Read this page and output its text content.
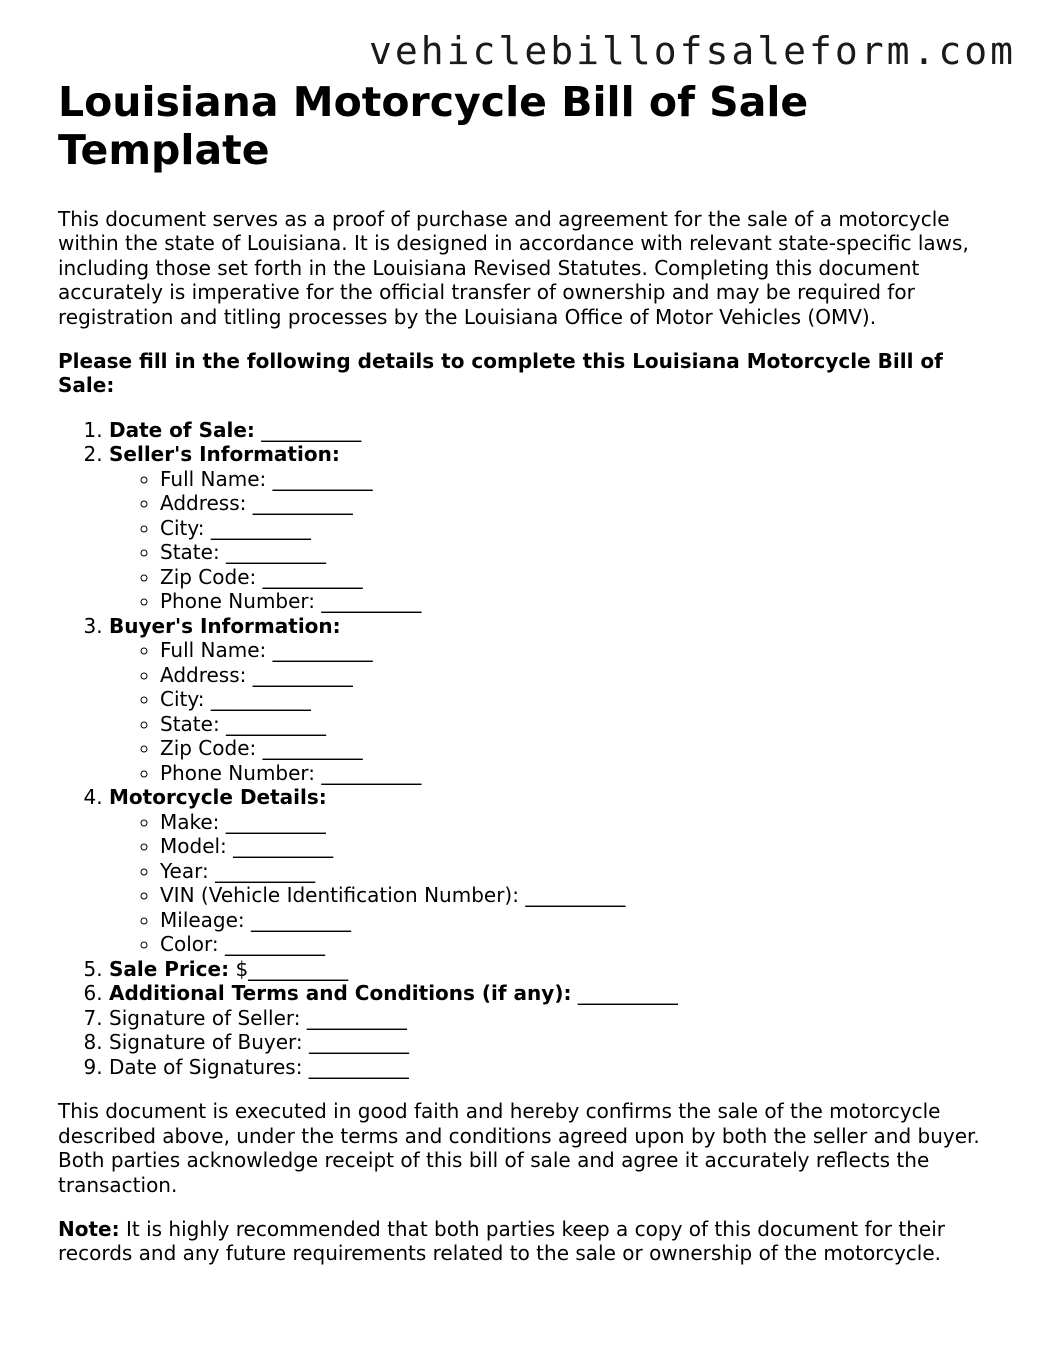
vehiclebillofsaleform.com
Louisiana Motorcycle Bill of Sale Template

This document serves as a proof of purchase and agreement for the sale of a motorcycle within the state of Louisiana. It is designed in accordance with relevant state-specific laws, including those set forth in the Louisiana Revised Statutes. Completing this document accurately is imperative for the official transfer of ownership and may be required for registration and titling processes by the Louisiana Office of Motor Vehicles (OMV).

Please fill in the following details to complete this Louisiana Motorcycle Bill of Sale:

1. Date of Sale: __________
2. Seller's Information:
◦ Full Name: __________
◦ Address: __________
◦ City: __________
◦ State: __________
◦ Zip Code: __________
◦ Phone Number: __________
3. Buyer's Information:
◦ Full Name: __________
◦ Address: __________
◦ City: __________
◦ State: __________
◦ Zip Code: __________
◦ Phone Number: __________
4. Motorcycle Details:
◦ Make: __________
◦ Model: __________
◦ Year: __________
◦ VIN (Vehicle Identification Number): __________
◦ Mileage: __________
◦ Color: __________
5. Sale Price: $__________
6. Additional Terms and Conditions (if any): __________
7. Signature of Seller: __________
8. Signature of Buyer: __________
9. Date of Signatures: __________

This document is executed in good faith and hereby confirms the sale of the motorcycle described above, under the terms and conditions agreed upon by both the seller and buyer. Both parties acknowledge receipt of this bill of sale and agree it accurately reflects the transaction.

Note: It is highly recommended that both parties keep a copy of this document for their records and any future requirements related to the sale or ownership of the motorcycle.
